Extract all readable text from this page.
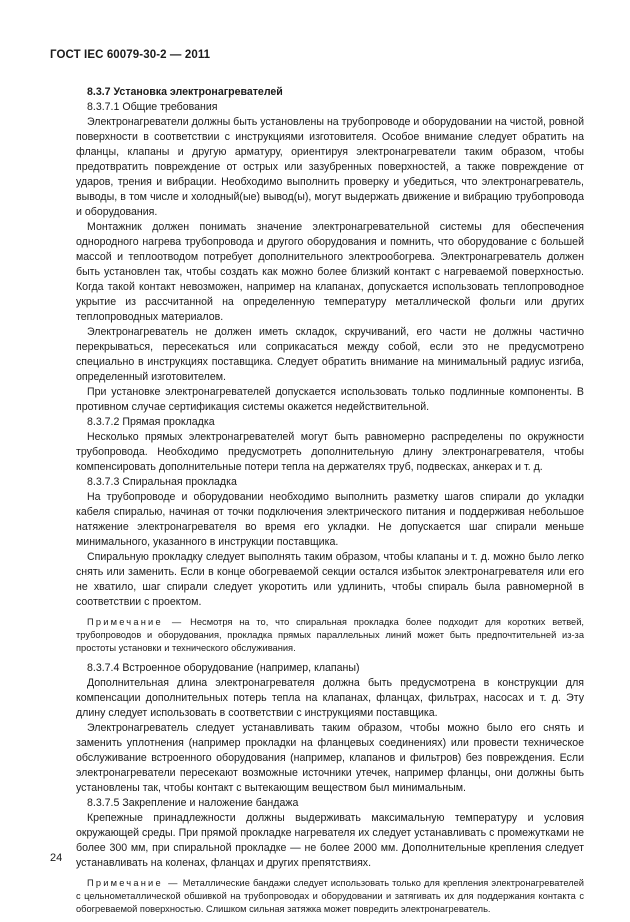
ГОСТ IEC 60079-30-2 — 2011

8.3.7 Установка электронагревателей

8.3.7.1 Общие требования

Электронагреватели должны быть установлены на трубопроводе и оборудовании на чистой, ровной поверхности в соответствии с инструкциями изготовителя. Особое внимание следует обратить на фланцы, клапаны и другую арматуру, ориентируя электронагреватели таким образом, чтобы предотвратить повреждение от острых или зазубренных поверхностей, а также повреждение от ударов, трения и вибрации. Необходимо выполнить проверку и убедиться, что электронагреватель, выводы, в том числе и холодный(ые) вывод(ы), могут выдержать движение и вибрацию трубопровода и оборудования.

Монтажник должен понимать значение электронагревательной системы для обеспечения однородного нагрева трубопровода и другого оборудования и помнить, что оборудование с большей массой и теплоотводом потребует дополнительного электрообогрева. Электронагреватель должен быть установлен так, чтобы создать как можно более близкий контакт с нагреваемой поверхностью. Когда такой контакт невозможен, например на клапанах, допускается использовать теплопроводное укрытие из рассчитанной на определенную температуру металлической фольги или других теплопроводных материалов.

Электронагреватель не должен иметь складок, скручиваний, его части не должны частично перекрываться, пересекаться или соприкасаться между собой, если это не предусмотрено специально в инструкциях поставщика. Следует обратить внимание на минимальный радиус изгиба, определенный изготовителем.

При установке электронагревателей допускается использовать только подлинные компоненты. В противном случае сертификация системы окажется недействительной.

8.3.7.2 Прямая прокладка

Несколько прямых электронагревателей могут быть равномерно распределены по окружности трубопровода. Необходимо предусмотреть дополнительную длину электронагревателя, чтобы компенсировать дополнительные потери тепла на держателях труб, подвесках, анкерах и т. д.

8.3.7.3 Спиральная прокладка

На трубопроводе и оборудовании необходимо выполнить разметку шагов спирали до укладки кабеля спиралью, начиная от точки подключения электрического питания и поддерживая небольшое натяжение электронагревателя во время его укладки. Не допускается шаг спирали меньше минимального, указанного в инструкции поставщика.

Спиральную прокладку следует выполнять таким образом, чтобы клапаны и т. д. можно было легко снять или заменить. Если в конце обогреваемой секции остался избыток электронагревателя или его не хватило, шаг спирали следует укоротить или удлинить, чтобы спираль была равномерной в соответствии с проектом.

Примечание — Несмотря на то, что спиральная прокладка более подходит для коротких ветвей, трубопроводов и оборудования, прокладка прямых параллельных линий может быть предпочтительней из-за простоты установки и технического обслуживания.

8.3.7.4 Встроенное оборудование (например, клапаны)

Дополнительная длина электронагревателя должна быть предусмотрена в конструкции для компенсации дополнительных потерь тепла на клапанах, фланцах, фильтрах, насосах и т. д. Эту длину следует использовать в соответствии с инструкциями поставщика.

Электронагреватель следует устанавливать таким образом, чтобы можно было его снять и заменить уплотнения (например прокладки на фланцевых соединениях) или провести техническое обслуживание встроенного оборудования (например, клапанов и фильтров) без повреждения. Если электронагреватели пересекают возможные источники утечек, например фланцы, они должны быть установлены так, чтобы контакт с вытекающим веществом был минимальным.

8.3.7.5 Закрепление и наложение бандажа

Крепежные принадлежности должны выдерживать максимальную температуру и условия окружающей среды. При прямой прокладке нагревателя их следует устанавливать с промежутками не более 300 мм, при спиральной прокладке — не более 2000 мм. Дополнительные крепления следует устанавливать на коленах, фланцах и других препятствиях.

Примечание — Металлические бандажи следует использовать только для крепления электронагревателей с цельнометаллической обшивкой на трубопроводах и оборудовании и затягивать их для поддержания контакта с обогреваемой поверхностью. Слишком сильная затяжка может повредить электронагреватель.

24
